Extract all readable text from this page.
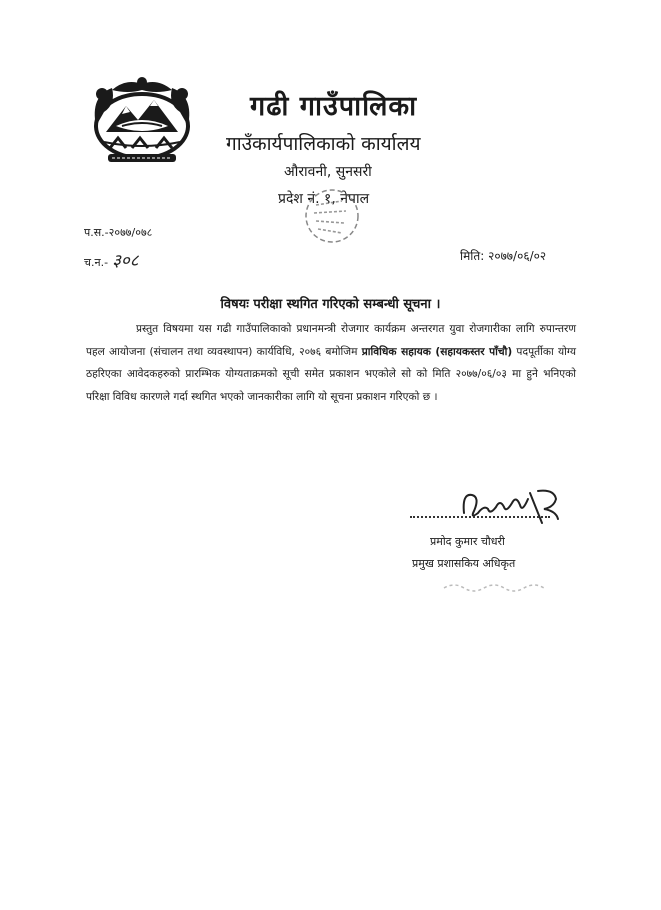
गढी गाउँपालिका
गाउँकार्यपालिकाको कार्यालय
औरावनी, सुनसरी
प्रदेश नं. १, नेपाल
प.स.-२०७७/०७८
च.न.- ३०८	मिति: २०७७/०६/०२
विषयः परीक्षा स्थगित गरिएको सम्बन्धी सूचना ।

प्रस्तुत विषयमा यस गढी गाउँपालिकाको प्रधानमन्त्री रोजगार कार्यक्रम अन्तरगत युवा रोजगारीका लागि रुपान्तरण पहल आयोजना (संचालन तथा व्यवस्थापन) कार्यविधि, २०७६ बमोजिम प्राविधिक सहायक (सहायकस्तर पाँचौ) पदपूर्तीका योग्य ठहरिएका आवेदकहरुको प्रारम्भिक योग्यताक्रमको सूची समेत प्रकाशन भएकोले सो को मिति २०७७/०६/०३ मा हुने भनिएको परिक्षा विविध कारणले गर्दा स्थगित भएको जानकारीका लागि यो सूचना प्रकाशन गरिएको छ ।

प्रमोद कुमार चौधरी
प्रमुख प्रशासकिय अधिकृत
